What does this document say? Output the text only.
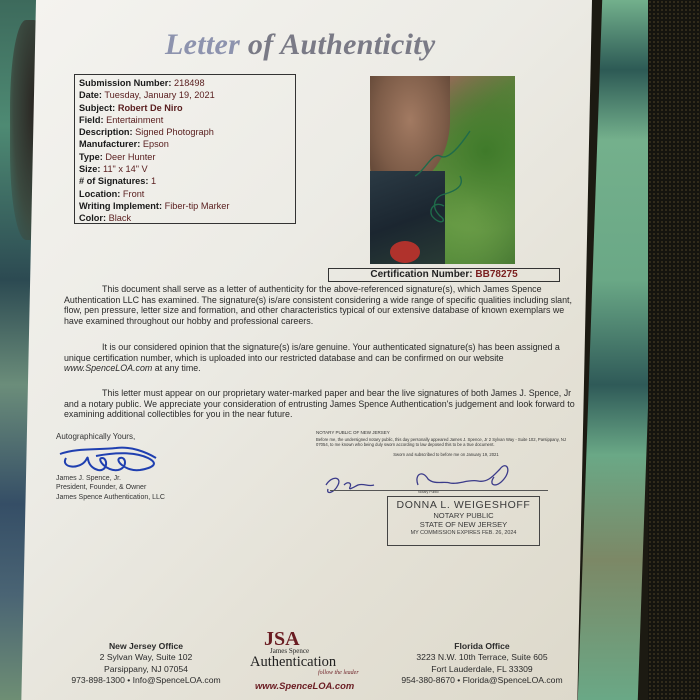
Letter of Authenticity
Submission Number: 218498
Date: Tuesday, January 19, 2021
Subject: Robert De Niro
Field: Entertainment
Description: Signed Photograph
Manufacturer: Epson
Type: Deer Hunter
Size: 11" x 14" V
# of Signatures: 1
Location: Front
Writing Implement: Fiber-tip Marker
Color: Black
Certification Number: BB78275
This document shall serve as a letter of authenticity for the above-referenced signature(s), which James Spence Authentication LLC has examined. The signature(s) is/are consistent considering a wide range of specific qualities including slant, flow, pen pressure, letter size and formation, and other characteristics typical of our extensive database of known exemplars we have examined throughout our hobby and professional careers.
It is our considered opinion that the signature(s) is/are genuine. Your authenticated signature(s) has been assigned a unique certification number, which is uploaded into our restricted database and can be confirmed on our website www.SpenceLOA.com at any time.
This letter must appear on our proprietary water-marked paper and bear the live signatures of both James J. Spence, Jr and a notary public. We appreciate your consideration of entrusting James Spence Authentication's judgement and look forward to examining additional collectibles for you in the near future.
Autographically Yours,
James J. Spence, Jr.
President, Founder, & Owner
James Spence Authentication, LLC
NOTARY PUBLIC OF NEW JERSEY
Before me, the undersigned notary public, this day personally appeared James J. Spence, Jr 2 Sylvan Way - Suite 102, Parsippany, NJ 07054, to me known who being duly sworn according to law deposed this to be a true document.
Sworn and subscribed to before me on January 19, 2021
Notary Public
DONNA L. WEIGESHOFF
NOTARY PUBLIC
STATE OF NEW JERSEY
MY COMMISSION EXPIRES FEB. 26, 2024
New Jersey Office
2 Sylvan Way, Suite 102
Parsippany, NJ 07054
973-898-1300 • Info@SpenceLOA.com
JSA
James Spence
Authentication
follow the leader
www.SpenceLOA.com
Florida Office
3223 N.W. 10th Terrace, Suite 605
Fort Lauderdale, FL 33309
954-380-8670 • Florida@SpenceLOA.com
